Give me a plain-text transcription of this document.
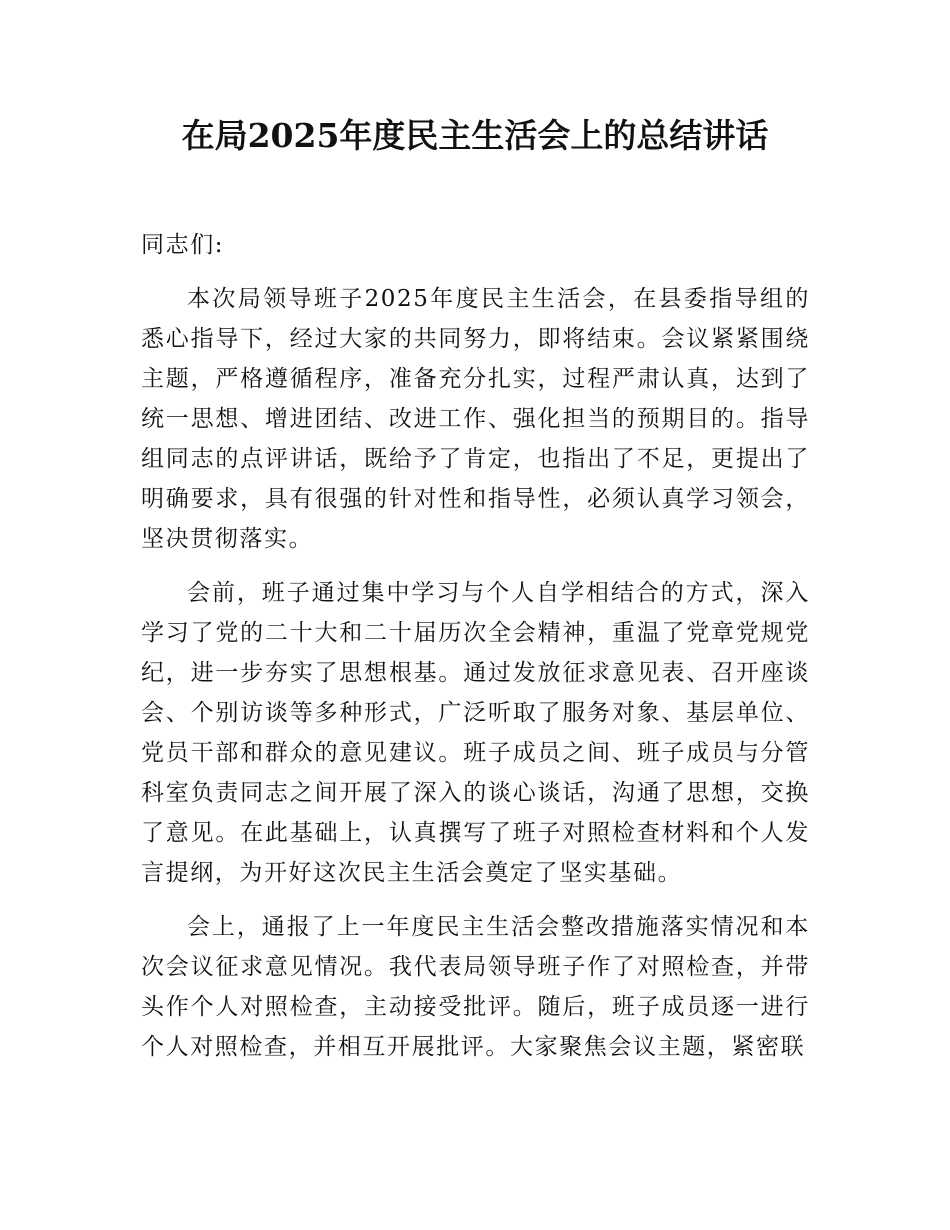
在局2025年度民主生活会上的总结讲话
同志们:

本次局领导班子2025年度民主生活会，在县委指导组的悉心指导下，经过大家的共同努力，即将结束。会议紧紧围绕主题，严格遵循程序，准备充分扎实，过程严肃认真，达到了统一思想、增进团结、改进工作、强化担当的预期目的。指导组同志的点评讲话，既给予了肯定，也指出了不足，更提出了明确要求，具有很强的针对性和指导性，必须认真学习领会，坚决贯彻落实。

会前，班子通过集中学习与个人自学相结合的方式，深入学习了党的二十大和二十届历次全会精神，重温了党章党规党纪，进一步夯实了思想根基。通过发放征求意见表、召开座谈会、个别访谈等多种形式，广泛听取了服务对象、基层单位、党员干部和群众的意见建议。班子成员之间、班子成员与分管科室负责同志之间开展了深入的谈心谈话，沟通了思想，交换了意见。在此基础上，认真撰写了班子对照检查材料和个人发言提纲，为开好这次民主生活会奠定了坚实基础。

会上，通报了上一年度民主生活会整改措施落实情况和本次会议征求意见情况。我代表局领导班子作了对照检查，并带头作个人对照检查，主动接受批评。随后，班子成员逐一进行个人对照检查，并相互开展批评。大家聚焦会议主题，紧密联
